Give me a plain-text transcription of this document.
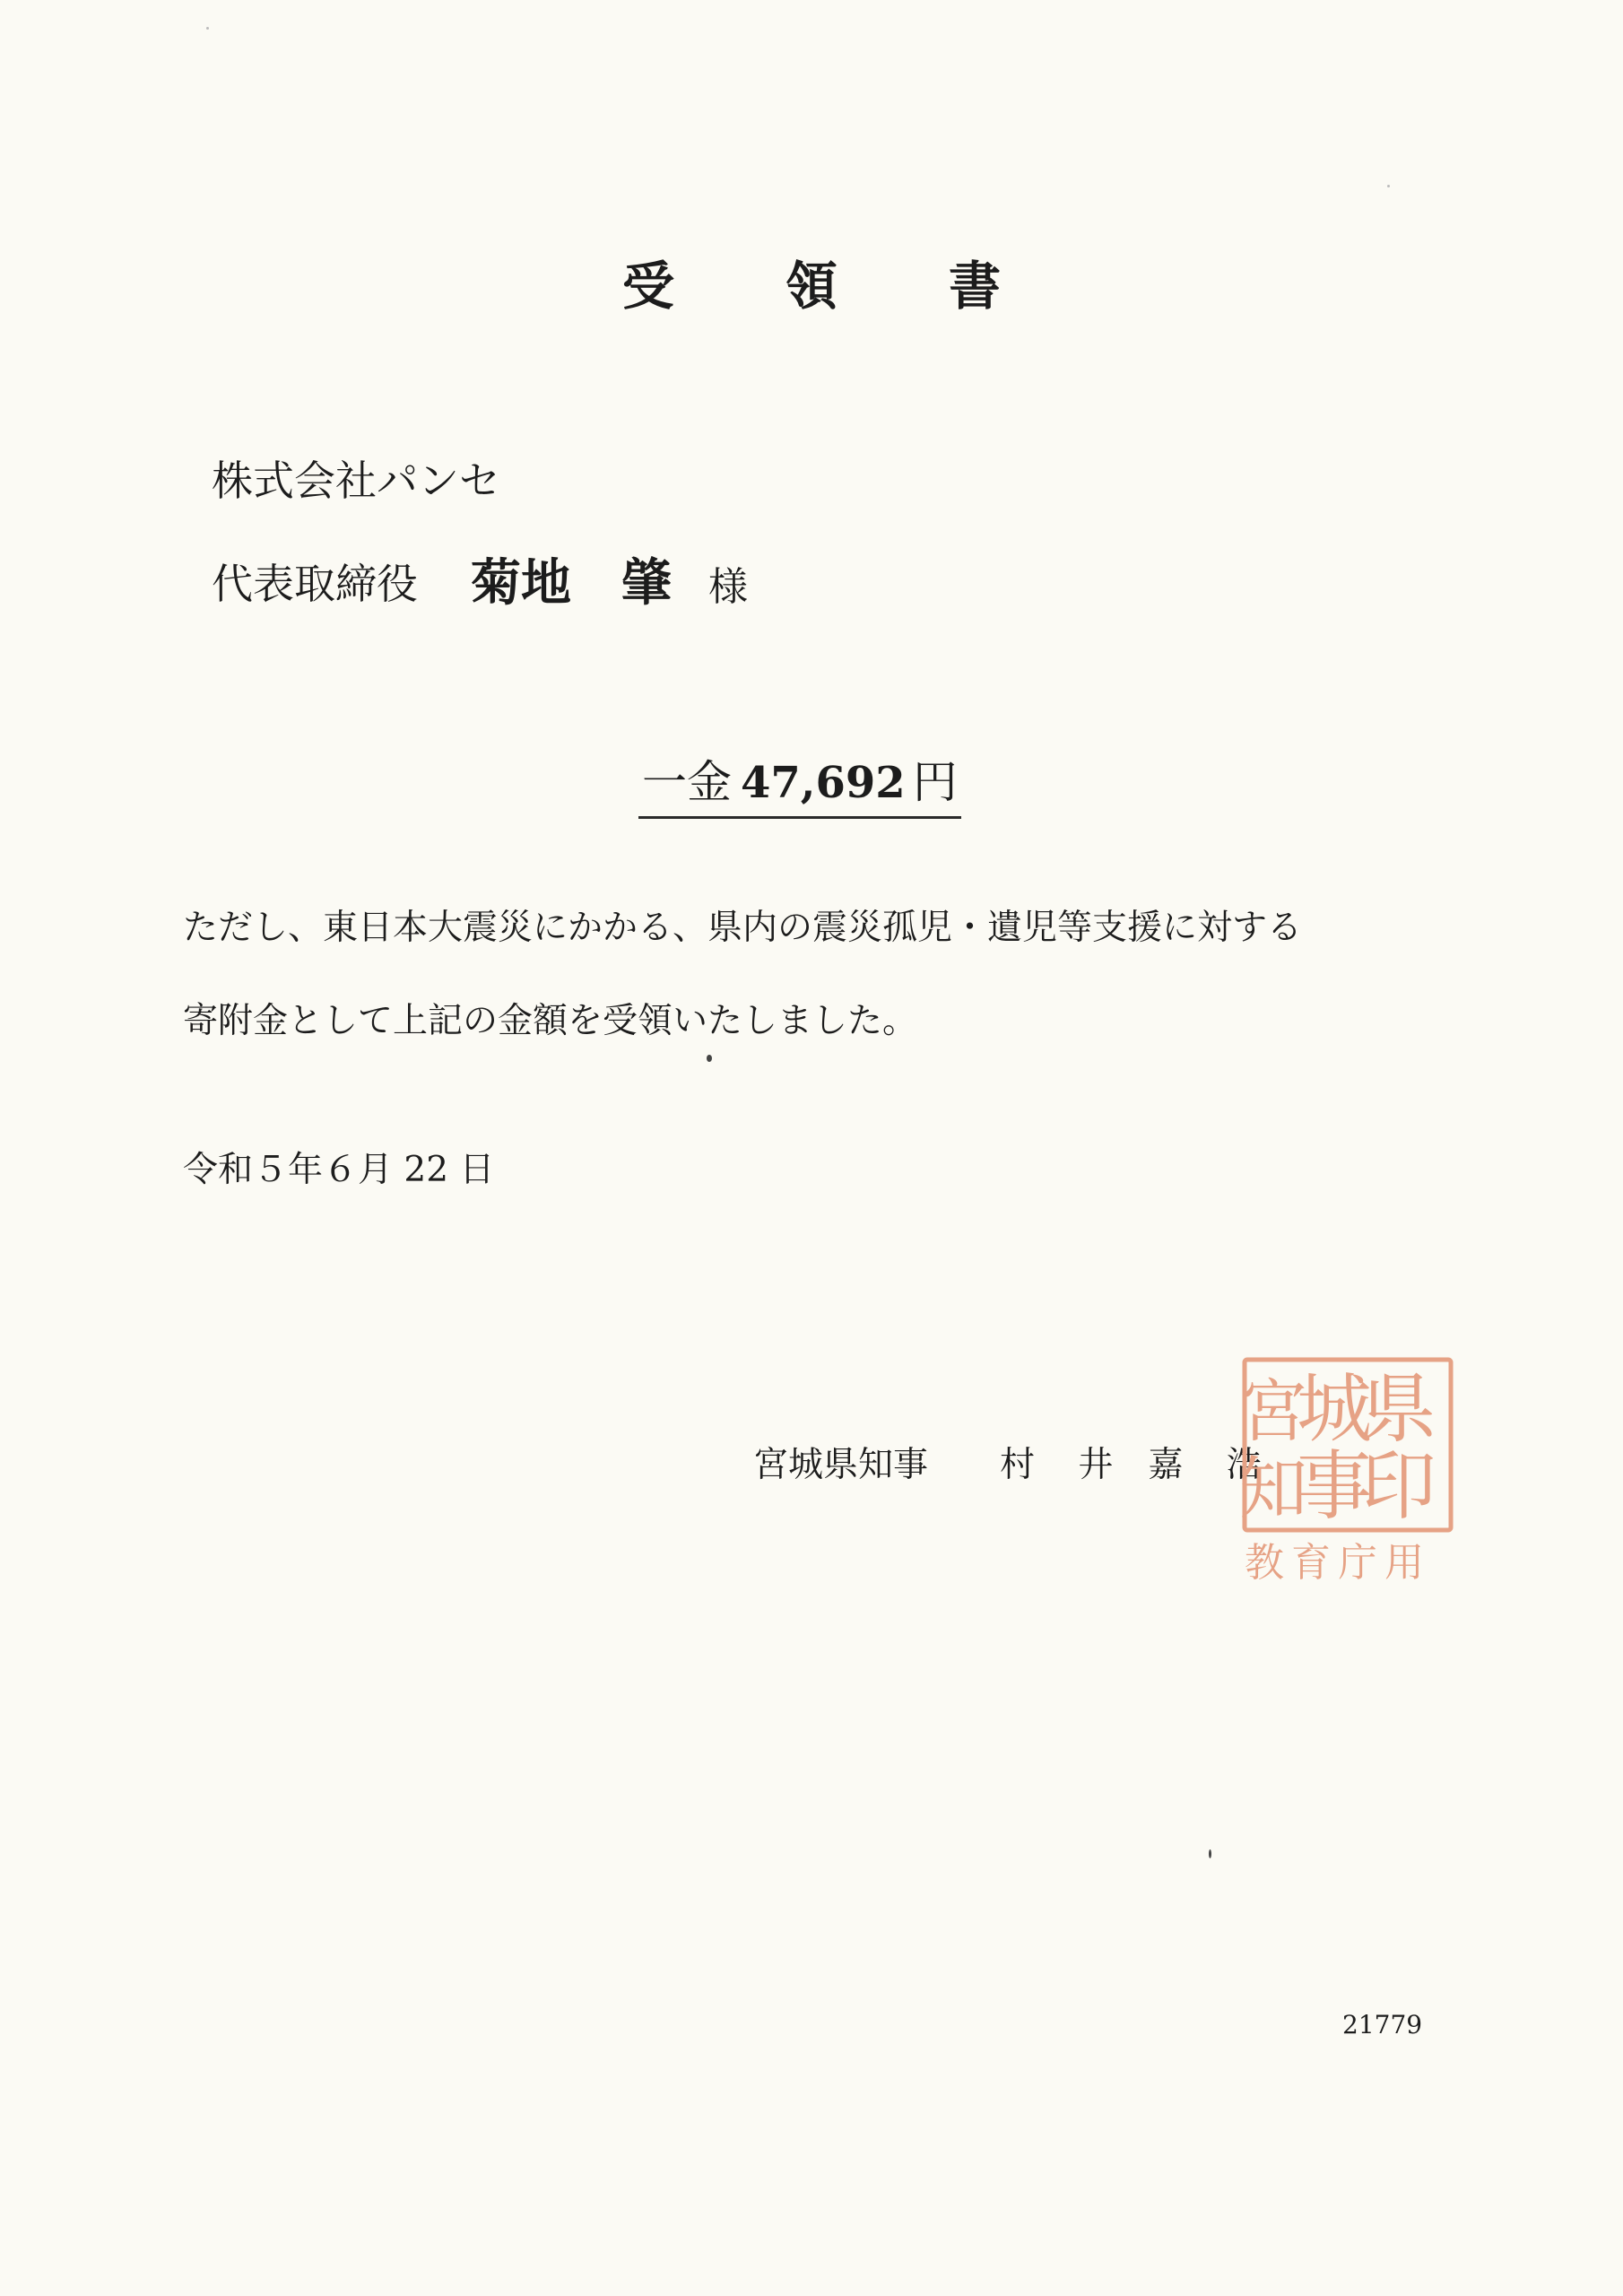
受 領 書
株式会社パンセ
代表取締役 菊地　肇 様
一金 47,692 円

ただし、東日本大震災にかかる、県内の震災孤児・遺児等支援に対する

寄附金として上記の金額を受領いたしました。

令和５年６月 22 日
宮城県知事 村 井　嘉 浩
県
城
宮
印
事
知
教育庁用
21779
